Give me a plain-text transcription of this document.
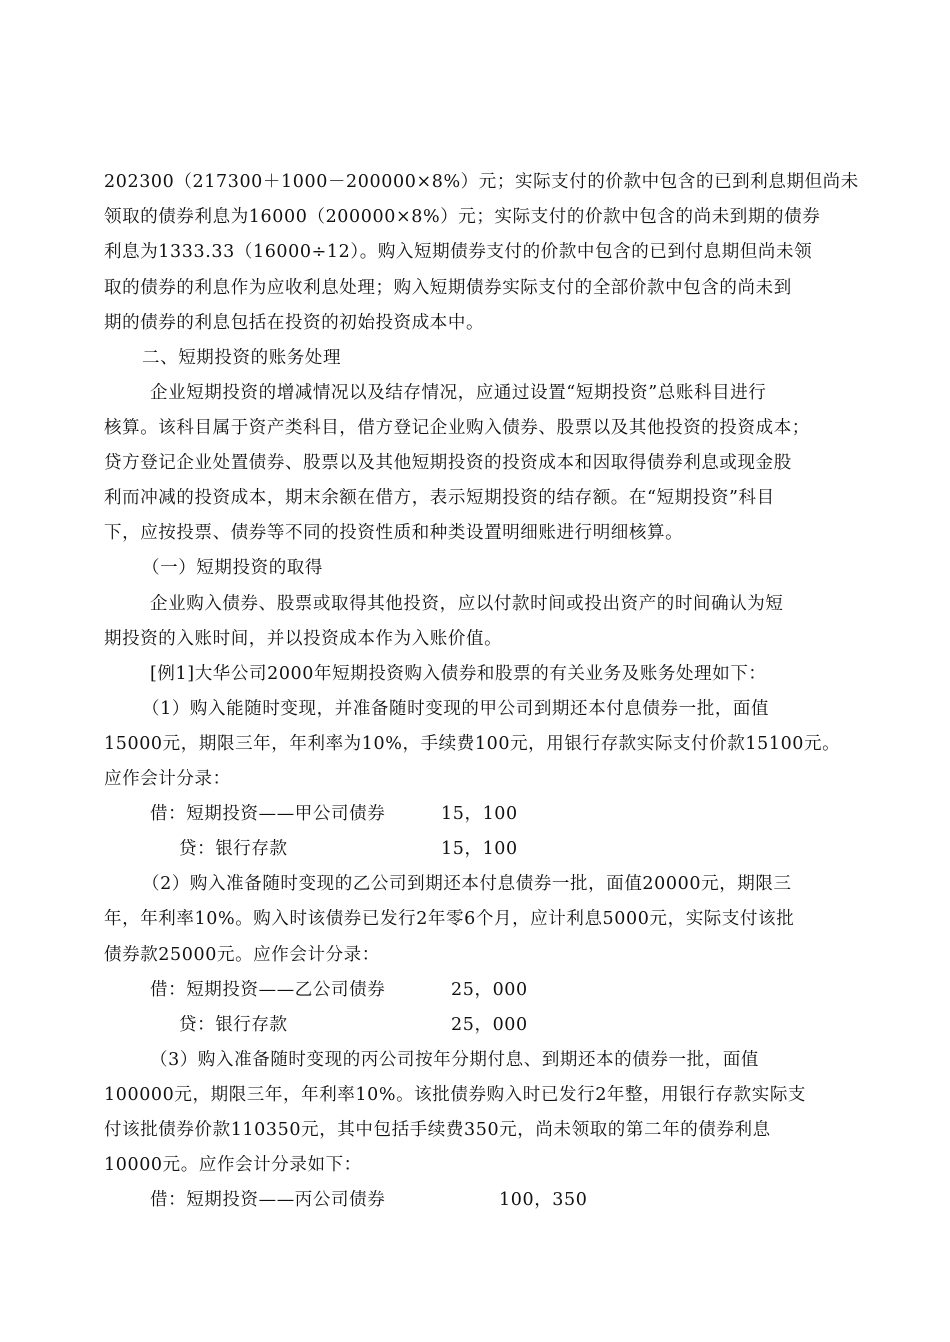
202300（217300＋1000－200000×8%）元；实际支付的价款中包含的已到利息期但尚未
领取的债券利息为16000（200000×8%）元；实际支付的价款中包含的尚未到期的债券
利息为1333.33（16000÷12）。购入短期债券支付的价款中包含的已到付息期但尚未领
取的债券的利息作为应收利息处理；购入短期债券实际支付的全部价款中包含的尚未到
期的债券的利息包括在投资的初始投资成本中。
二、短期投资的账务处理
企业短期投资的增减情况以及结存情况，应通过设置“短期投资”总账科目进行
核算。该科目属于资产类科目，借方登记企业购入债券、股票以及其他投资的投资成本；
贷方登记企业处置债券、股票以及其他短期投资的投资成本和因取得债券利息或现金股
利而冲减的投资成本，期末余额在借方，表示短期投资的结存额。在“短期投资”科目
下，应按投票、债券等不同的投资性质和种类设置明细账进行明细核算。
（一）短期投资的取得
企业购入债券、股票或取得其他投资，应以付款时间或投出资产的时间确认为短
期投资的入账时间，并以投资成本作为入账价值。
[例1]大华公司2000年短期投资购入债券和股票的有关业务及账务处理如下：
（1）购入能随时变现，并准备随时变现的甲公司到期还本付息债券一批，面值
15000元，期限三年，年利率为10%，手续费100元，用银行存款实际支付价款15100元。
应作会计分录：
借：短期投资——甲公司债券	15，100
贷：银行存款	15，100
（2）购入准备随时变现的乙公司到期还本付息债券一批，面值20000元，期限三
年，年利率10%。购入时该债券已发行2年零6个月，应计利息5000元，实际支付该批
债券款25000元。应作会计分录：
借：短期投资——乙公司债券	25，000
贷：银行存款	25，000
（3）购入准备随时变现的丙公司按年分期付息、到期还本的债券一批，面值
100000元，期限三年，年利率10%。该批债券购入时已发行2年整，用银行存款实际支
付该批债券价款110350元，其中包括手续费350元，尚未领取的第二年的债券利息
10000元。应作会计分录如下：
借：短期投资——丙公司债券	100，350
